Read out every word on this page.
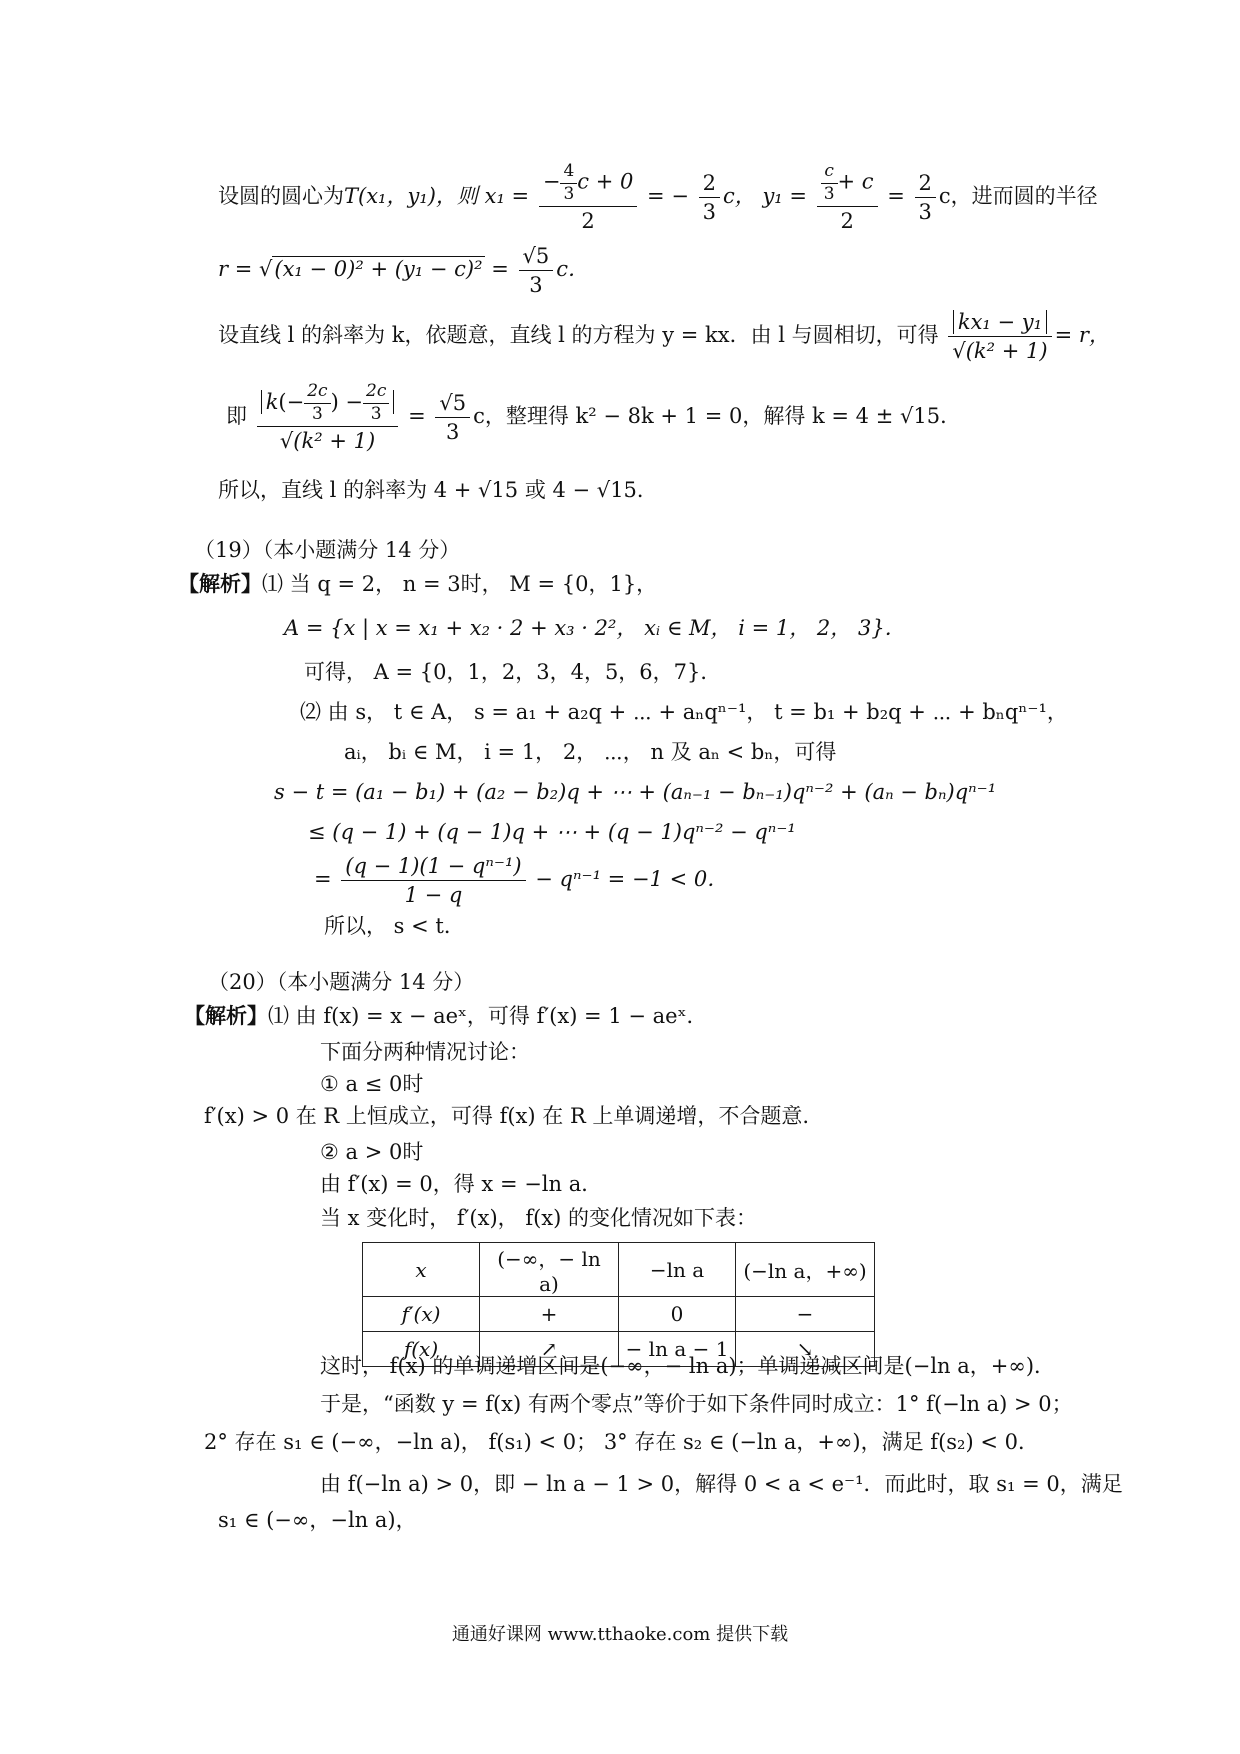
设圆的圆心为T(x₁，y₁)，则 $x_1 = \frac{- \frac{4}{3} c + 0}{2}$ = − $\frac{2}{3}$ c， $y_1 = \frac{\frac{c}{3} + c}{2} = \frac{2}{3}$ c，进而圆的半径
$r = √(x_1 - 0)^2 + (y_1 - c)^2 = \frac{√5}{3}$ c．
设直线 l 的斜率为 k，依题意，直线 l 的方程为 y = kx．由 l 与圆相切，可得 $\frac{\text{kx₁ − y₁}}{\text{√(k² + 1)}} = r$，
即 $\frac{k(- \frac{2c}{3} ) - \frac{2c}{3}}{\text{√(k² + 1)}} = \frac{√5}{3}$ c，整理得 k² − 8k + 1 = 0，解得 k = 4 ± √15．
所以，直线 l 的斜率为 4 + √15 或 4 − √15．
（19）（本小题满分 14 分）
【解析】⑴ 当 q = 2， n = 3时， M = {0，1}，
A = {x | x = x₁ + x₂ · 2 + x₃ · 2²， xᵢ ∈ M， i = 1， 2， 3}．
可得， A = {0，1，2，3，4，5，6，7}．
⑵ 由 s， t ∈ A， s = a₁ + a₂q + ⋯ + aₙqⁿ⁻¹， t = b₁ + b₂q + ⋯ + bₙqⁿ⁻¹，
aᵢ， bᵢ ∈ M， i = 1， 2， ⋯， n 及 aₙ < bₙ，可得
s − t = (a₁ − b₁) + (a₂ − b₂)q + ⋯ + (aₙ₋₁ − bₙ₋₁)qⁿ⁻² + (aₙ − bₙ)qⁿ⁻¹
≤ (q − 1) + (q − 1)q + ⋯ + (q − 1)qⁿ⁻² − qⁿ⁻¹
= $\frac{\text{(q − 1)(1 − qⁿ⁻¹)}}{1 - q} - q^{n-1} = -1 < 0$．
所以， s < t．
（20）（本小题满分 14 分）
【解析】⑴ 由 f(x) = x − aeˣ，可得 f′(x) = 1 − aeˣ．
下面分两种情况讨论：
① a ≤ 0时
f′(x) > 0 在 R 上恒成立，可得 f(x) 在 R 上单调递增，不合题意.
② a > 0时
由 f′(x) = 0，得 x = −ln a．
当 x 变化时， f′(x)， f(x) 的变化情况如下表：
x	(−∞，− ln a)	−ln a	(−ln a，+∞)
f′(x)	+	0	−
f(x)	↗	− ln a − 1	↘
这时， f(x) 的单调递增区间是(−∞，− ln a)；单调递减区间是(−ln a，+∞)．
于是，“函数 y = f(x) 有两个零点”等价于如下条件同时成立：1° f(−ln a) > 0；
2° 存在 s₁ ∈ (−∞，−ln a)， f(s₁) < 0； 3° 存在 s₂ ∈ (−ln a，+∞)，满足 f(s₂) < 0．
由 f(−ln a) > 0，即 − ln a − 1 > 0，解得 0 < a < e⁻¹．而此时，取 s₁ = 0，满足
s₁ ∈ (−∞，−ln a)，
通通好课网 www.tthaoke.com 提供下载
